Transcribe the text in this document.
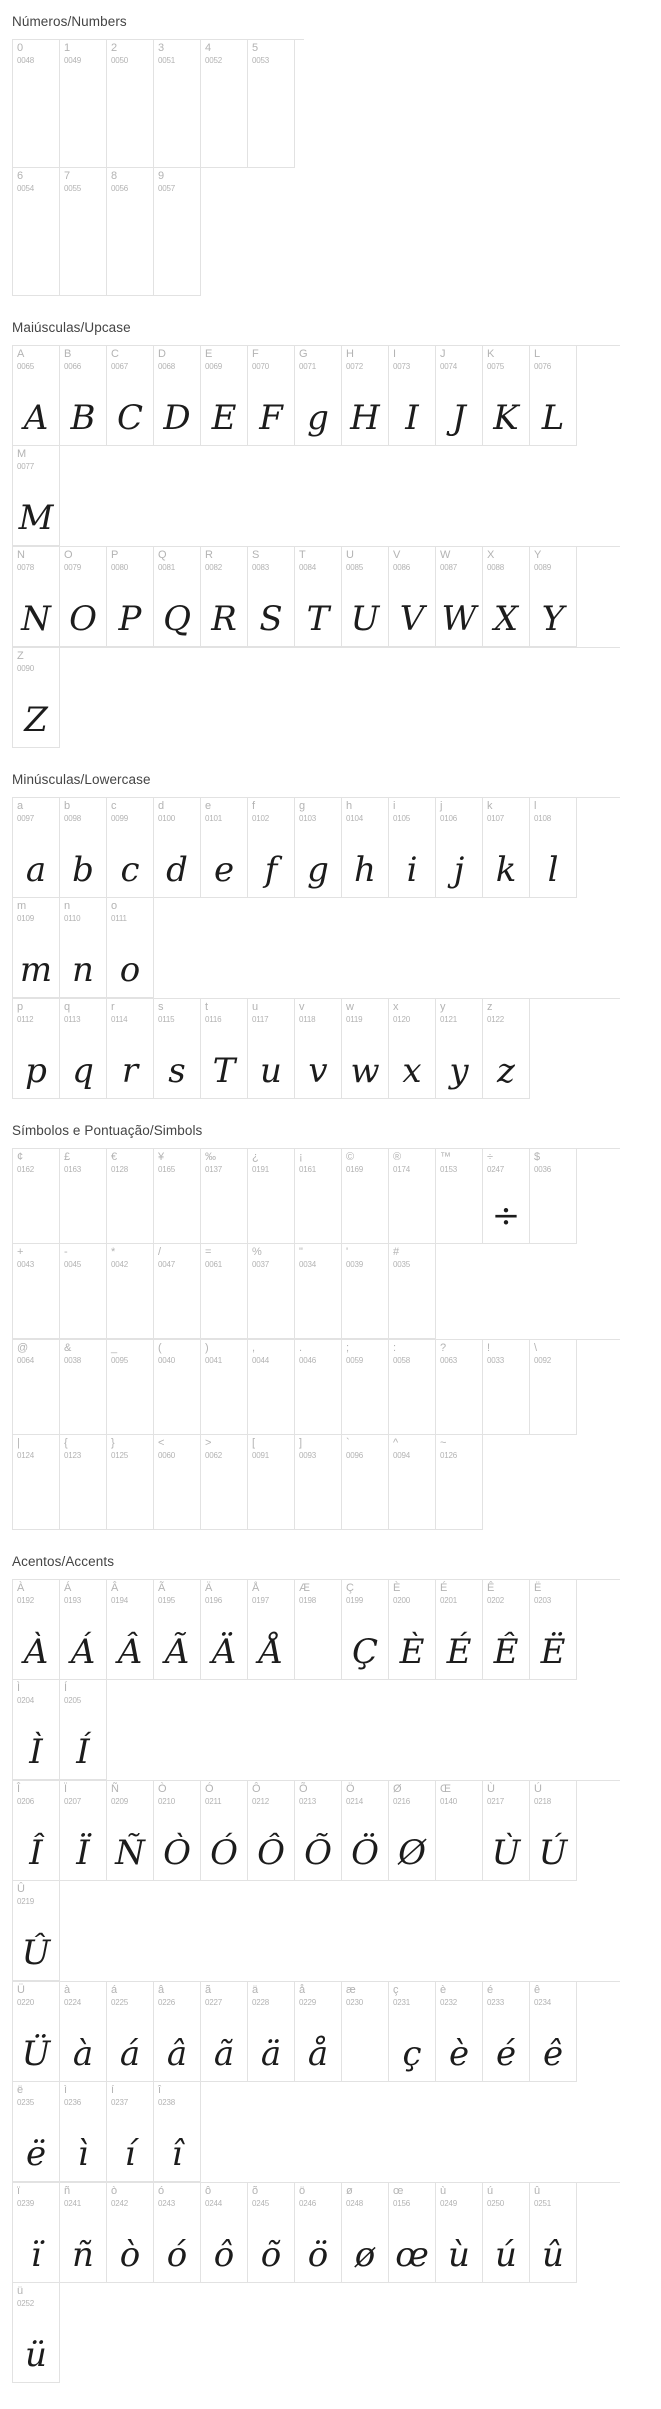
Números/Numbers
0
0048
1
0049
2
0050
3
0051
4
0052
5
0053
6
0054
7
0055
8
0056
9
0057
Maiúsculas/Upcase
A
0065
A
B
0066
B
C
0067
C
D
0068
D
E
0069
E
F
0070
F
G
0071
g
H
0072
H
I
0073
I
J
0074
J
K
0075
K
L
0076
L
M
0077
M
N
0078
N
O
0079
O
P
0080
P
Q
0081
Q
R
0082
R
S
0083
S
T
0084
T
U
0085
U
V
0086
V
W
0087
W
X
0088
X
Y
0089
Y
Z
0090
Z
Minúsculas/Lowercase
a
0097
a
b
0098
b
c
0099
c
d
0100
d
e
0101
e
f
0102
f
g
0103
g
h
0104
h
i
0105
i
j
0106
j
k
0107
k
l
0108
l
m
0109
m
n
0110
n
o
0111
o
p
0112
p
q
0113
q
r
0114
r
s
0115
s
t
0116
T
u
0117
u
v
0118
v
w
0119
w
x
0120
x
y
0121
y
z
0122
z
Símbolos e Pontuação/Simbols
¢
0162
£
0163
€
0128
¥
0165
‰
0137
¿
0191
¡
0161
©
0169
®
0174
™
0153
÷
0247
÷
$
0036
+
0043
-
0045
*
0042
/
0047
=
0061
%
0037
"
0034
'
0039
#
0035
@
0064
&
0038
_
0095
(
0040
)
0041
,
0044
.
0046
;
0059
:
0058
?
0063
!
0033
\
0092
|
0124
{
0123
}
0125
<
0060
>
0062
[
0091
]
0093
`
0096
^
0094
~
0126
Acentos/Accents
À
0192
À
Á
0193
Á
Â
0194
Â
Ã
0195
Ã
Ä
0196
Ä
Å
0197
Å
Æ
0198
Ç
0199
Ç
È
0200
È
É
0201
É
Ê
0202
Ê
Ë
0203
Ë
Ì
0204
Ì
Í
0205
Í
Î
0206
Î
Ï
0207
Ï
Ñ
0209
Ñ
Ò
0210
Ò
Ó
0211
Ó
Ô
0212
Ô
Õ
0213
Õ
Ö
0214
Ö
Ø
0216
Ø
Œ
0140
Ù
0217
Ù
Ú
0218
Ú
Û
0219
Û
Ü
0220
Ü
à
0224
à
á
0225
á
â
0226
â
ã
0227
ã
ä
0228
ä
å
0229
å
æ
0230
ç
0231
ç
è
0232
è
é
0233
é
ê
0234
ê
ë
0235
ë
ì
0236
ì
í
0237
í
î
0238
î
ï
0239
ï
ñ
0241
ñ
ò
0242
ò
ó
0243
ó
ô
0244
ô
õ
0245
õ
ö
0246
ö
ø
0248
ø
œ
0156
œ
ù
0249
ù
ú
0250
ú
û
0251
û
ü
0252
ü
